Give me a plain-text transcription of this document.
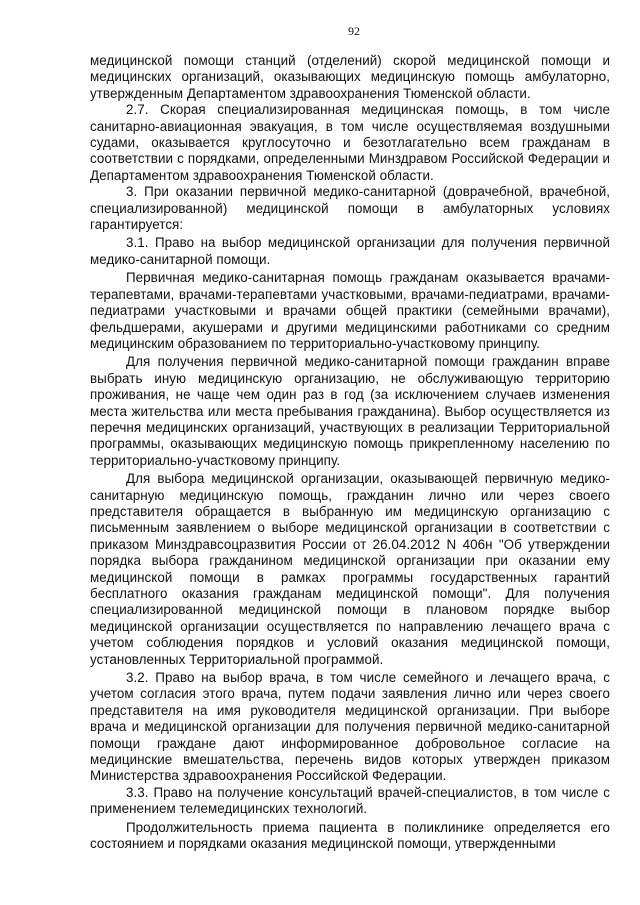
92

медицинской помощи станций (отделений) скорой медицинской помощи и медицинских организаций, оказывающих медицинскую помощь амбулаторно, утвержденным Департаментом здравоохранения Тюменской области.

2.7. Скорая специализированная медицинская помощь, в том числе санитарно-авиационная эвакуация, в том числе осуществляемая воздушными судами, оказывается круглосуточно и безотлагательно всем гражданам в соответствии с порядками, определенными Минздравом Российской Федерации и Департаментом здравоохранения Тюменской области.

3. При оказании первичной медико-санитарной (доврачебной, врачебной, специализированной) медицинской помощи в амбулаторных условиях гарантируется:

3.1. Право на выбор медицинской организации для получения первичной медико-санитарной помощи.

Первичная медико-санитарная помощь гражданам оказывается врачами-терапевтами, врачами-терапевтами участковыми, врачами-педиатрами, врачами-педиатрами участковыми и врачами общей практики (семейными врачами), фельдшерами, акушерами и другими медицинскими работниками со средним медицинским образованием по территориально-участковому принципу.

Для получения первичной медико-санитарной помощи гражданин вправе выбрать иную медицинскую организацию, не обслуживающую территорию проживания, не чаще чем один раз в год (за исключением случаев изменения места жительства или места пребывания гражданина). Выбор осуществляется из перечня медицинских организаций, участвующих в реализации Территориальной программы, оказывающих медицинскую помощь прикрепленному населению по территориально-участковому принципу.

Для выбора медицинской организации, оказывающей первичную медико-санитарную медицинскую помощь, гражданин лично или через своего представителя обращается в выбранную им медицинскую организацию с письменным заявлением о выборе медицинской организации в соответствии с приказом Минздравсоцразвития России от 26.04.2012 N 406н "Об утверждении порядка выбора гражданином медицинской организации при оказании ему медицинской помощи в рамках программы государственных гарантий бесплатного оказания гражданам медицинской помощи". Для получения специализированной медицинской помощи в плановом порядке выбор медицинской организации осуществляется по направлению лечащего врача с учетом соблюдения порядков и условий оказания медицинской помощи, установленных Территориальной программой.

3.2. Право на выбор врача, в том числе семейного и лечащего врача, с учетом согласия этого врача, путем подачи заявления лично или через своего представителя на имя руководителя медицинской организации. При выборе врача и медицинской организации для получения первичной медико-санитарной помощи граждане дают информированное добровольное согласие на медицинские вмешательства, перечень видов которых утвержден приказом Министерства здравоохранения Российской Федерации.

3.3. Право на получение консультаций врачей-специалистов, в том числе с применением телемедицинских технологий.

Продолжительность приема пациента в поликлинике определяется его состоянием и порядками оказания медицинской помощи, утвержденными
